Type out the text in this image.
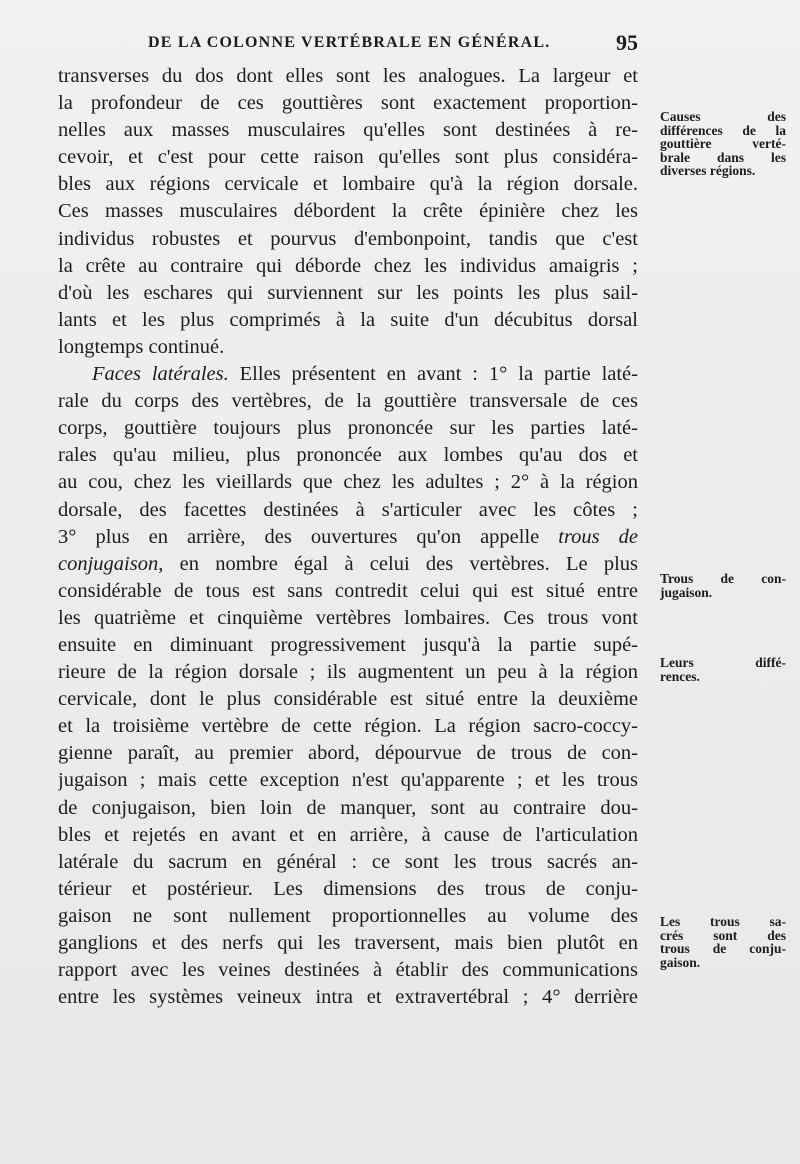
DE LA COLONNE VERTÉBRALE EN GÉNÉRAL.	95
transverses du dos dont elles sont les analogues. La largeur et
la profondeur de ces gouttières sont exactement proportion-
nelles aux masses musculaires qu'elles sont destinées à re-
cevoir, et c'est pour cette raison qu'elles sont plus considéra-
bles aux régions cervicale et lombaire qu'à la région dorsale.
Ces masses musculaires débordent la crête épinière chez les
individus robustes et pourvus d'embonpoint, tandis que c'est
la crête au contraire qui déborde chez les individus amaigris ;
d'où les eschares qui surviennent sur les points les plus sail-
lants et les plus comprimés à la suite d'un décubitus dorsal
longtemps continué.
Faces latérales. Elles présentent en avant : 1° la partie laté-
rale du corps des vertèbres, de la gouttière transversale de ces
corps, gouttière toujours plus prononcée sur les parties laté-
rales qu'au milieu, plus prononcée aux lombes qu'au dos et
au cou, chez les vieillards que chez les adultes ; 2° à la région
dorsale, des facettes destinées à s'articuler avec les côtes ;
3° plus en arrière, des ouvertures qu'on appelle trous de
conjugaison, en nombre égal à celui des vertèbres. Le plus
considérable de tous est sans contredit celui qui est situé entre
les quatrième et cinquième vertèbres lombaires. Ces trous vont
ensuite en diminuant progressivement jusqu'à la partie supé-
rieure de la région dorsale ; ils augmentent un peu à la région
cervicale, dont le plus considérable est situé entre la deuxième
et la troisième vertèbre de cette région. La région sacro-coccy-
gienne paraît, au premier abord, dépourvue de trous de con-
jugaison ; mais cette exception n'est qu'apparente ; et les trous
de conjugaison, bien loin de manquer, sont au contraire dou-
bles et rejetés en avant et en arrière, à cause de l'articulation
latérale du sacrum en général : ce sont les trous sacrés an-
térieur et postérieur. Les dimensions des trous de conju-
gaison ne sont nullement proportionnelles au volume des
ganglions et des nerfs qui les traversent, mais bien plutôt en
rapport avec les veines destinées à établir des communications
entre les systèmes veineux intra et extravertébral ; 4° derrière
Causes des
différences de la
gouttière verté-
brale dans les
diverses régions.
Trous de con-
jugaison.
Leurs diffé-
rences.
Les trous sa-
crés sont des
trous de conju-
gaison.
